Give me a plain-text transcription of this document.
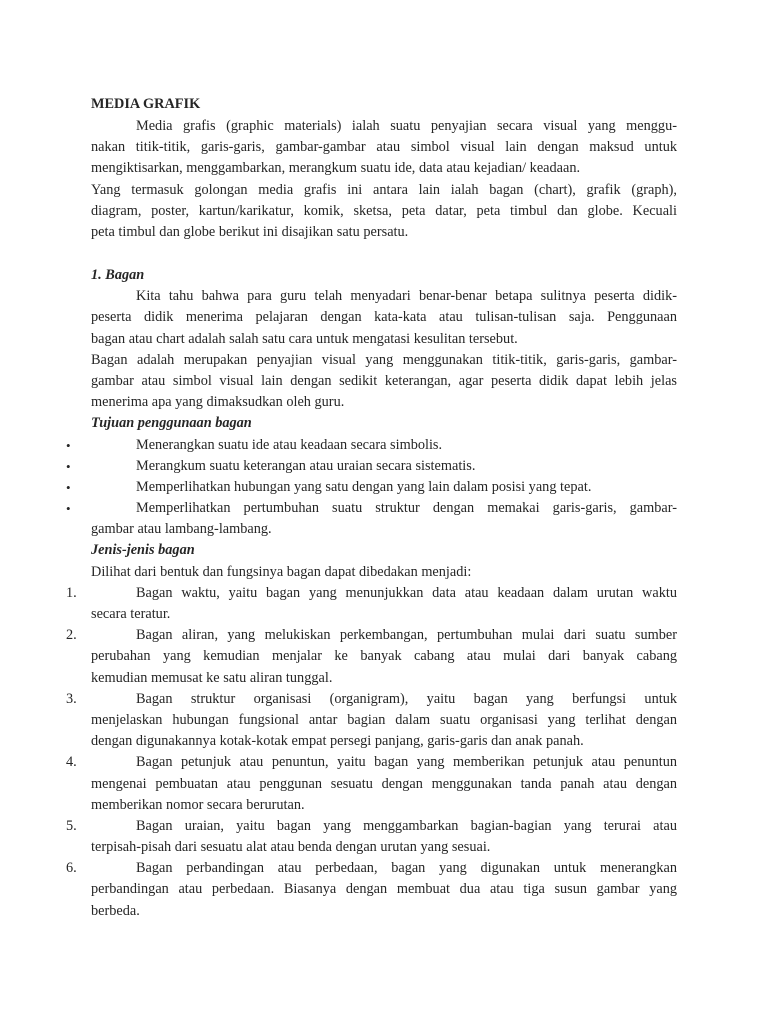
MEDIA GRAFIK
Media grafis (graphic materials) ialah suatu penyajian secara visual yang menggu-
nakan titik-titik, garis-garis, gambar-gambar atau simbol visual lain dengan maksud untuk
mengiktisarkan, menggambarkan, merangkum suatu ide, data atau kejadian/ keadaan.
Yang termasuk golongan media grafis ini antara lain ialah bagan (chart), grafik (graph),
diagram, poster, kartun/karikatur, komik, sketsa, peta datar, peta timbul dan globe. Kecuali
peta timbul dan globe berikut ini disajikan satu persatu.
1. Bagan
Kita tahu bahwa para guru telah menyadari benar-benar betapa sulitnya peserta didik-
peserta didik menerima pelajaran dengan kata-kata atau tulisan-tulisan saja. Penggunaan
bagan atau chart adalah salah satu cara untuk mengatasi kesulitan tersebut.
Bagan adalah merupakan penyajian visual yang menggunakan titik-titik, garis-garis, gambar-
gambar atau simbol visual lain dengan sedikit keterangan, agar peserta didik dapat lebih jelas
menerima apa yang dimaksudkan oleh guru.
Tujuan penggunaan bagan
•	Menerangkan suatu ide atau keadaan secara simbolis.
•	Merangkum suatu keterangan atau uraian secara sistematis.
•	Memperlihatkan hubungan yang satu dengan yang lain dalam posisi yang tepat.
•	Memperlihatkan pertumbuhan suatu struktur dengan memakai garis-garis, gambar-
gambar atau lambang-lambang.
Jenis-jenis bagan
Dilihat dari bentuk dan fungsinya bagan dapat dibedakan menjadi:
1.	Bagan waktu, yaitu bagan yang menunjukkan data atau keadaan dalam urutan waktu
secara teratur.
2.	Bagan aliran, yang melukiskan perkembangan, pertumbuhan mulai dari suatu sumber
perubahan yang kemudian menjalar ke banyak cabang atau mulai dari banyak cabang
kemudian memusat ke satu aliran tunggal.
3.	Bagan struktur organisasi (organigram), yaitu bagan yang berfungsi untuk
menjelaskan hubungan fungsional antar bagian dalam suatu organisasi yang terlihat dengan
dengan digunakannya kotak-kotak empat persegi panjang, garis-garis dan anak panah.
4.	Bagan petunjuk atau penuntun, yaitu bagan yang memberikan petunjuk atau penuntun
mengenai pembuatan atau penggunan sesuatu dengan menggunakan tanda panah atau dengan
memberikan nomor secara berurutan.
5.	Bagan uraian, yaitu bagan yang menggambarkan bagian-bagian yang terurai atau
terpisah-pisah dari sesuatu alat atau benda dengan urutan yang sesuai.
6.	Bagan perbandingan atau perbedaan, bagan yang digunakan untuk menerangkan
perbandingan atau perbedaan. Biasanya dengan membuat dua atau tiga susun gambar yang
berbeda.
